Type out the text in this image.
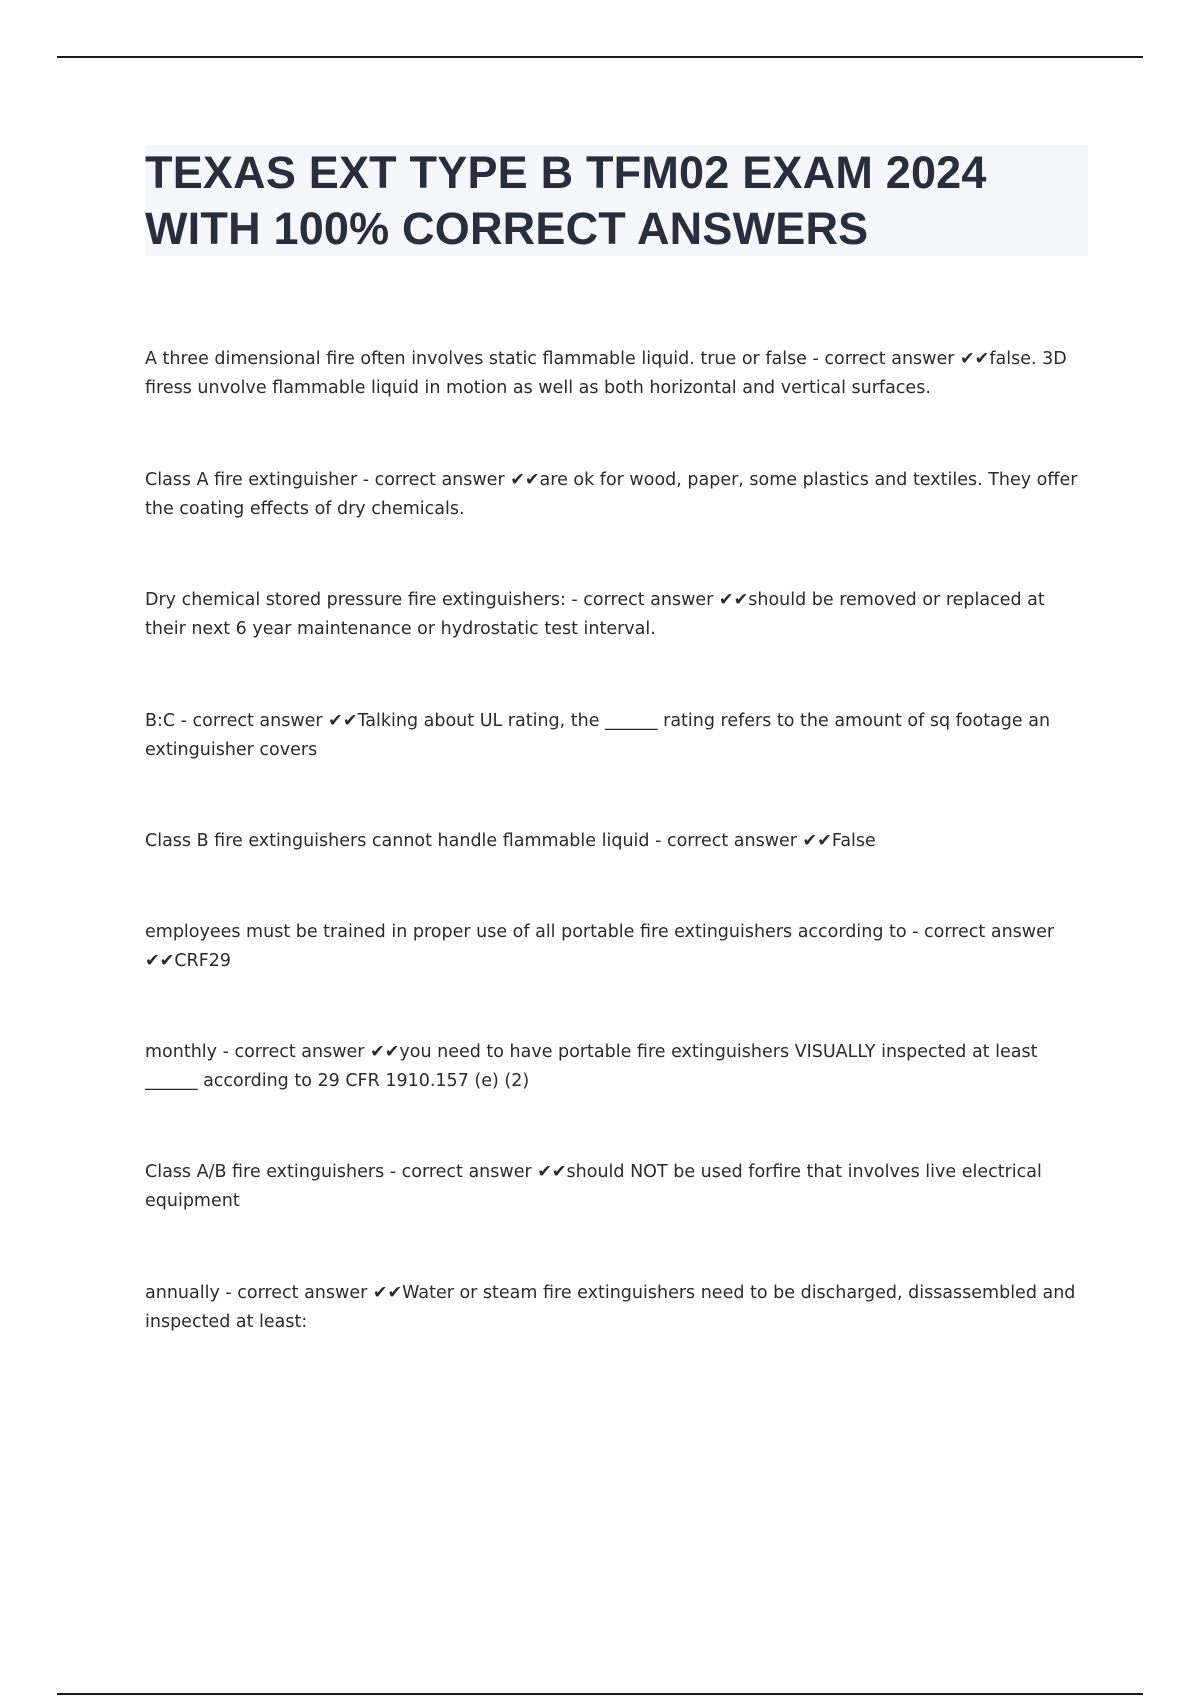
TEXAS EXT TYPE B TFM02 EXAM 2024 WITH 100% CORRECT ANSWERS

A three dimensional fire often involves static flammable liquid. true or false - correct answer ✔✔false. 3D firess unvolve flammable liquid in motion as well as both horizontal and vertical surfaces.

Class A fire extinguisher - correct answer ✔✔are ok for wood, paper, some plastics and textiles. They offer the coating effects of dry chemicals.

Dry chemical stored pressure fire extinguishers: - correct answer ✔✔should be removed or replaced at their next 6 year maintenance or hydrostatic test interval.

B:C - correct answer ✔✔Talking about UL rating, the ______ rating refers to the amount of sq footage an extinguisher covers

Class B fire extinguishers cannot handle flammable liquid - correct answer ✔✔False

employees must be trained in proper use of all portable fire extinguishers according to - correct answer ✔✔CRF29

monthly - correct answer ✔✔you need to have portable fire extinguishers VISUALLY inspected at least ______ according to 29 CFR 1910.157 (e) (2)

Class A/B fire extinguishers - correct answer ✔✔should NOT be used forfire that involves live electrical equipment

annually - correct answer ✔✔Water or steam fire extinguishers need to be discharged, dissassembled and inspected at least:
